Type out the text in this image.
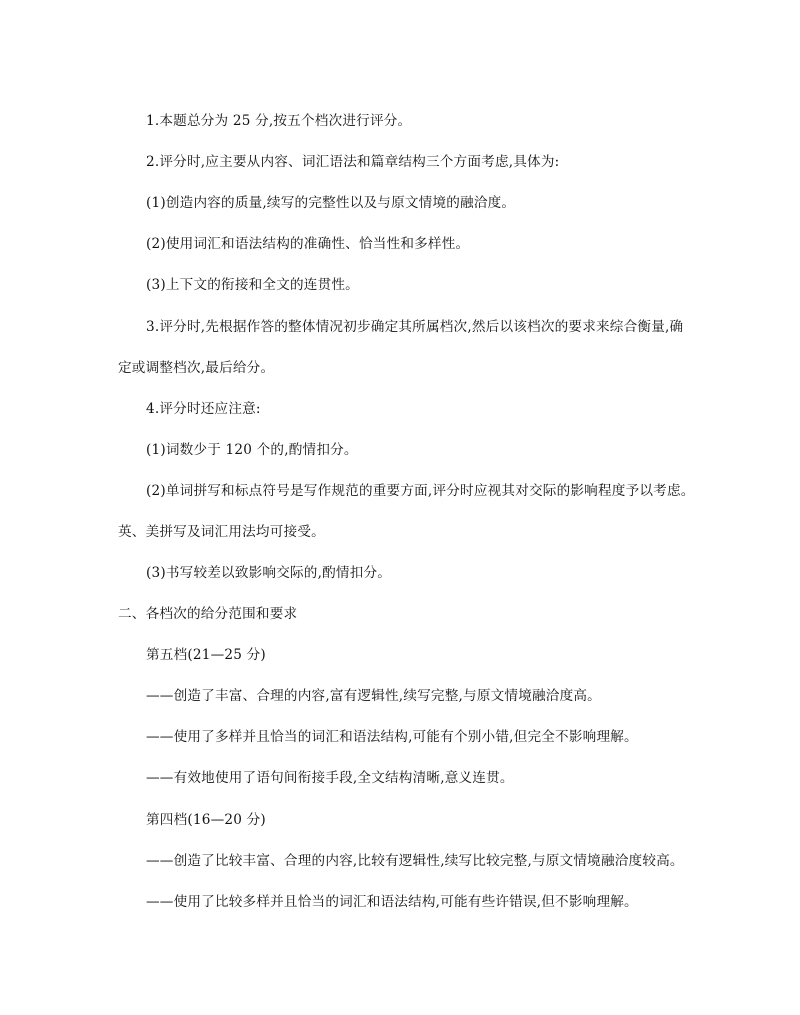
1.本题总分为 25 分,按五个档次进行评分。
2.评分时,应主要从内容、词汇语法和篇章结构三个方面考虑,具体为:
(1)创造内容的质量,续写的完整性以及与原文情境的融洽度。
(2)使用词汇和语法结构的准确性、恰当性和多样性。
(3)上下文的衔接和全文的连贯性。
3.评分时,先根据作答的整体情况初步确定其所属档次,然后以该档次的要求来综合衡量,确
定或调整档次,最后给分。
4.评分时还应注意:
(1)词数少于 120 个的,酌情扣分。
(2)单词拼写和标点符号是写作规范的重要方面,评分时应视其对交际的影响程度予以考虑。
英、美拼写及词汇用法均可接受。
(3)书写较差以致影响交际的,酌情扣分。
二、各档次的给分范围和要求
第五档(21—25 分)
——创造了丰富、合理的内容,富有逻辑性,续写完整,与原文情境融洽度高。
——使用了多样并且恰当的词汇和语法结构,可能有个别小错,但完全不影响理解。
——有效地使用了语句间衔接手段,全文结构清晰,意义连贯。
第四档(16—20 分)
——创造了比较丰富、合理的内容,比较有逻辑性,续写比较完整,与原文情境融洽度较高。
——使用了比较多样并且恰当的词汇和语法结构,可能有些许错误,但不影响理解。
